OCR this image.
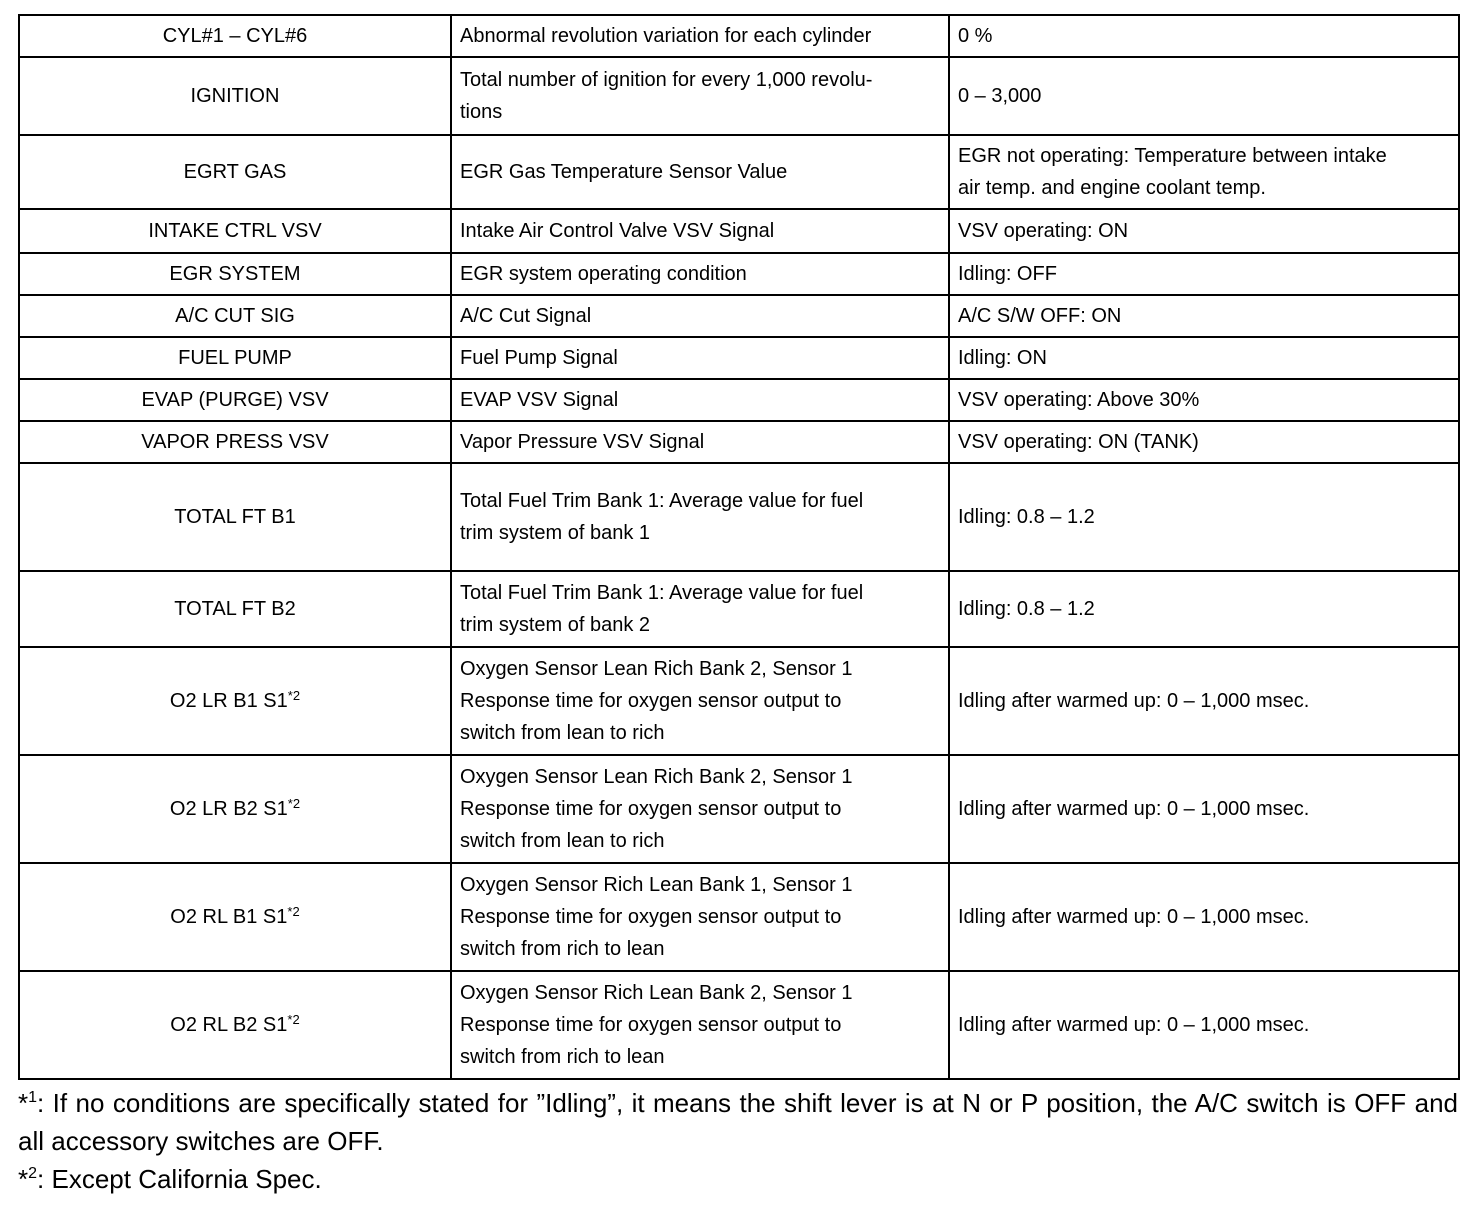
CYL#1 – CYL#6	Abnormal revolution variation for each cylinder	0 %

IGNITION	Total number of ignition for every 1,000 revolu-
tions	0 – 3,000

EGRT GAS	EGR Gas Temperature Sensor Value	EGR not operating: Temperature between intake
air temp. and engine coolant temp.

INTAKE CTRL VSV	Intake Air Control Valve VSV Signal	VSV operating: ON

EGR SYSTEM	EGR system operating condition	Idling: OFF

A/C CUT SIG	A/C Cut Signal	A/C S/W OFF: ON

FUEL PUMP	Fuel Pump Signal	Idling: ON

EVAP (PURGE) VSV	EVAP VSV Signal	VSV operating: Above 30%

VAPOR PRESS VSV	Vapor Pressure VSV Signal	VSV operating: ON (TANK)

TOTAL FT B1	Total Fuel Trim Bank 1: Average value for fuel
trim system of bank 1	Idling: 0.8 – 1.2

TOTAL FT B2	Total Fuel Trim Bank 1: Average value for fuel
trim system of bank 2	Idling: 0.8 – 1.2

O2 LR B1 S1$^{*2}$	Oxygen Sensor Lean Rich Bank 2, Sensor 1
Response time for oxygen sensor output to
switch from lean to rich	Idling after warmed up: 0 – 1,000 msec.

O2 LR B2 S1$^{*2}$	Oxygen Sensor Lean Rich Bank 2, Sensor 1
Response time for oxygen sensor output to
switch from lean to rich	Idling after warmed up: 0 – 1,000 msec.

O2 RL B1 S1$^{*2}$	Oxygen Sensor Rich Lean Bank 1, Sensor 1
Response time for oxygen sensor output to
switch from rich to lean	Idling after warmed up: 0 – 1,000 msec.

O2 RL B2 S1$^{*2}$	Oxygen Sensor Rich Lean Bank 2, Sensor 1
Response time for oxygen sensor output to
switch from rich to lean	Idling after warmed up: 0 – 1,000 msec.
*$^1$: If no conditions are specifically stated for ”Idling”, it means the shift lever is at N or P position, the A/C switch is OFF and all accessory switches are OFF.
*$^2$: Except California Spec.
